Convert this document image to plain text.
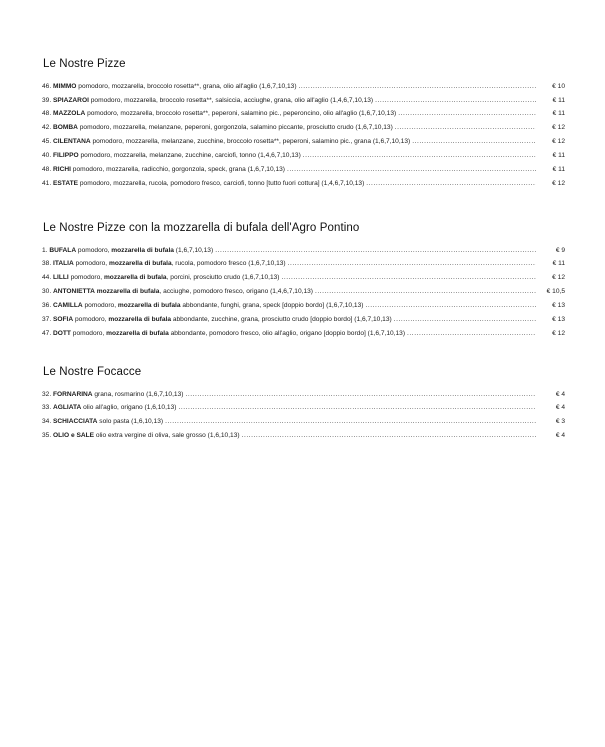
Le Nostre Pizze
46. MIMMO pomodoro, mozzarella, broccolo rosetta**, grana, olio all'aglio (1,6,7,10,13) .....	€ 10
39. SPIAZAROI pomodoro, mozzarella, broccolo rosetta**, salsiccia, acciughe, grana, olio all'aglio (1,4,6,7,10,13) .....	€ 11
48. MAZZOLA pomodoro, mozzarella, broccolo rosetta**, peperoni, salamino pic., peperoncino, olio all'aglio (1,6,7,10,13) .....	€ 11
42. BOMBA pomodoro, mozzarella, melanzane, peperoni, gorgonzola, salamino piccante, prosciutto crudo (1,6,7,10,13) .....	€ 12
45. CILENTANA pomodoro, mozzarella, melanzane, zucchine, broccolo rosetta**, peperoni, salamino pic., grana (1,6,7,10,13) .....	€ 12
40. FILIPPO pomodoro, mozzarella, melanzane, zucchine, carciofi, tonno (1,4,6,7,10,13) .....	€ 11
48. RICHI pomodoro, mozzarella, radicchio, gorgonzola, speck, grana (1,6,7,10,13) .....	€ 11
41. ESTATE pomodoro, mozzarella, rucola, pomodoro fresco, carciofi, tonno [tutto fuori cottura] (1,4,6,7,10,13) .....	€ 12
Le Nostre Pizze con la mozzarella di bufala dell'Agro Pontino
1. BUFALA pomodoro, mozzarella di bufala (1,6,7,10,13) .....	€ 9
38. ITALIA pomodoro, mozzarella di bufala, rucola, pomodoro fresco (1,6,7,10,13) .....	€ 11
44. LILLI pomodoro, mozzarella di bufala, porcini, prosciutto crudo (1,6,7,10,13) .....	€ 12
30. ANTONIETTA mozzarella di bufala, acciughe, pomodoro fresco, origano (1,4,6,7,10,13) .....	€ 10,5
36. CAMILLA pomodoro, mozzarella di bufala abbondante, funghi, grana, speck [doppio bordo] (1,6,7,10,13) .....	€ 13
37. SOFIA pomodoro, mozzarella di bufala abbondante, zucchine, grana, prosciutto crudo [doppio bordo] (1,6,7,10,13) .....	€ 13
47. DOTT pomodoro, mozzarella di bufala abbondante, pomodoro fresco, olio all'aglio, origano [doppio bordo] (1,6,7,10,13) .....	€ 12
Le Nostre Focacce
32. FORNARINA grana, rosmarino (1,6,7,10,13) .....	€ 4
33. AGLIATA olio all'aglio, origano (1,6,10,13) .....	€ 4
34. SCHIACCIATA solo pasta (1,6,10,13) .....	€ 3
35. OLIO e SALE olio extra vergine di oliva, sale grosso (1,6,10,13) .....	€ 4
